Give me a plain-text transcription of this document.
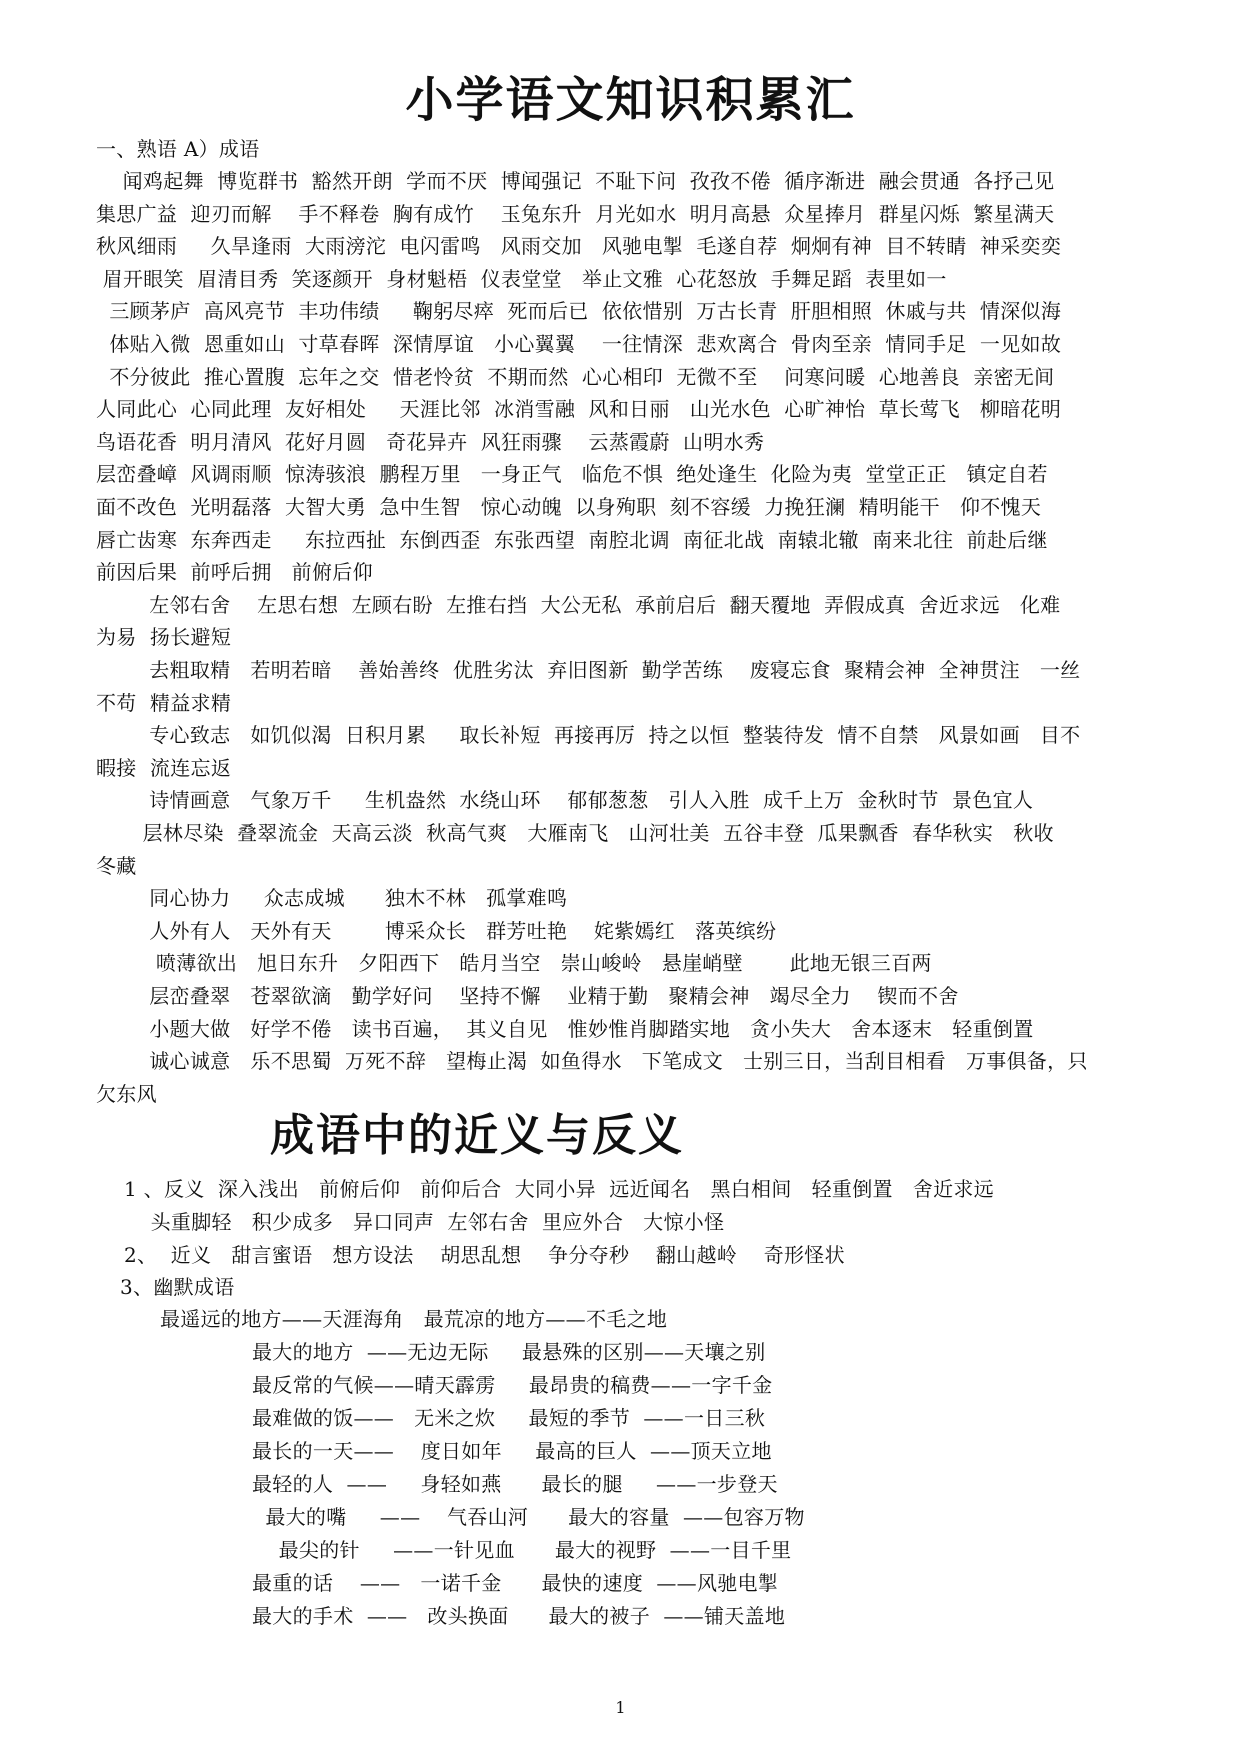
小学语文知识积累汇
一、熟语 A）成语
闻鸡起舞  博览群书  豁然开朗  学而不厌  博闻强记  不耻下问  孜孜不倦  循序渐进  融会贯通  各抒己见
集思广益  迎刃而解    手不释卷  胸有成竹    玉兔东升  月光如水  明月高悬  众星捧月  群星闪烁  繁星满天
秋风细雨     久旱逢雨  大雨滂沱  电闪雷鸣   风雨交加   风驰电掣  毛遂自荐  炯炯有神  目不转睛  神采奕奕
眉开眼笑  眉清目秀  笑逐颜开  身材魁梧  仪表堂堂   举止文雅  心花怒放  手舞足蹈  表里如一
三顾茅庐  高风亮节  丰功伟绩     鞠躬尽瘁  死而后已  依依惜别  万古长青  肝胆相照  休戚与共  情深似海
体贴入微  恩重如山  寸草春晖  深情厚谊   小心翼翼    一往情深  悲欢离合  骨肉至亲  情同手足  一见如故
不分彼此  推心置腹  忘年之交  惜老怜贫  不期而然  心心相印  无微不至    问寒问暖  心地善良  亲密无间
人同此心  心同此理  友好相处     天涯比邻  冰消雪融  风和日丽   山光水色  心旷神怡  草长莺飞   柳暗花明
鸟语花香  明月清风  花好月圆   奇花异卉  风狂雨骤    云蒸霞蔚  山明水秀
层峦叠嶂  风调雨顺  惊涛骇浪  鹏程万里   一身正气   临危不惧  绝处逢生  化险为夷  堂堂正正   镇定自若
面不改色  光明磊落  大智大勇  急中生智   惊心动魄  以身殉职  刻不容缓  力挽狂澜  精明能干   仰不愧天
唇亡齿寒  东奔西走     东拉西扯  东倒西歪  东张西望  南腔北调  南征北战  南辕北辙  南来北往  前赴后继
前因后果  前呼后拥   前俯后仰
左邻右舍    左思右想  左顾右盼  左推右挡  大公无私  承前启后  翻天覆地  弄假成真  舍近求远   化难
为易  扬长避短
去粗取精   若明若暗    善始善终  优胜劣汰  弃旧图新  勤学苦练    废寝忘食  聚精会神  全神贯注   一丝
不苟  精益求精
专心致志   如饥似渴  日积月累     取长补短  再接再厉  持之以恒  整装待发  情不自禁   风景如画   目不
暇接  流连忘返
诗情画意   气象万千     生机盎然  水绕山环    郁郁葱葱   引人入胜  成千上万  金秋时节  景色宜人
层林尽染  叠翠流金  天高云淡  秋高气爽   大雁南飞   山河壮美  五谷丰登  瓜果飘香  春华秋实   秋收
冬藏
同心协力     众志成城      独木不林   孤掌难鸣
人外有人   天外有天        博采众长   群芳吐艳    姹紫嫣红   落英缤纷
喷薄欲出   旭日东升   夕阳西下   皓月当空   崇山峻岭   悬崖峭壁       此地无银三百两
层峦叠翠   苍翠欲滴   勤学好问    坚持不懈    业精于勤   聚精会神   竭尽全力    锲而不舍
小题大做   好学不倦   读书百遍，  其义自见   惟妙惟肖脚踏实地   贪小失大   舍本逐末   轻重倒置
诚心诚意   乐不思蜀  万死不辞   望梅止渴  如鱼得水   下笔成文   士别三日，当刮目相看   万事俱备，只
欠东风
成语中的近义与反义
1 、反义  深入浅出   前俯后仰   前仰后合  大同小异  远近闻名   黑白相间   轻重倒置   舍近求远
头重脚轻   积少成多   异口同声  左邻右舍  里应外合   大惊小怪
2、  近义   甜言蜜语   想方设法    胡思乱想    争分夺秒    翻山越岭    奇形怪状
3、幽默成语
最遥远的地方——天涯海角   最荒凉的地方——不毛之地
最大的地方  ——无边无际     最悬殊的区别——天壤之别
最反常的气候——晴天霹雳     最昂贵的稿费——一字千金
最难做的饭——   无米之炊     最短的季节  ——一日三秋
最长的一天——    度日如年     最高的巨人  ——顶天立地
最轻的人  ——     身轻如燕      最长的腿     ——一步登天
最大的嘴     ——    气吞山河      最大的容量  ——包容万物
最尖的针     ——一针见血      最大的视野  ——一目千里
最重的话    ——   一诺千金      最快的速度  ——风驰电掣
最大的手术  ——   改头换面      最大的被子  ——铺天盖地
1
